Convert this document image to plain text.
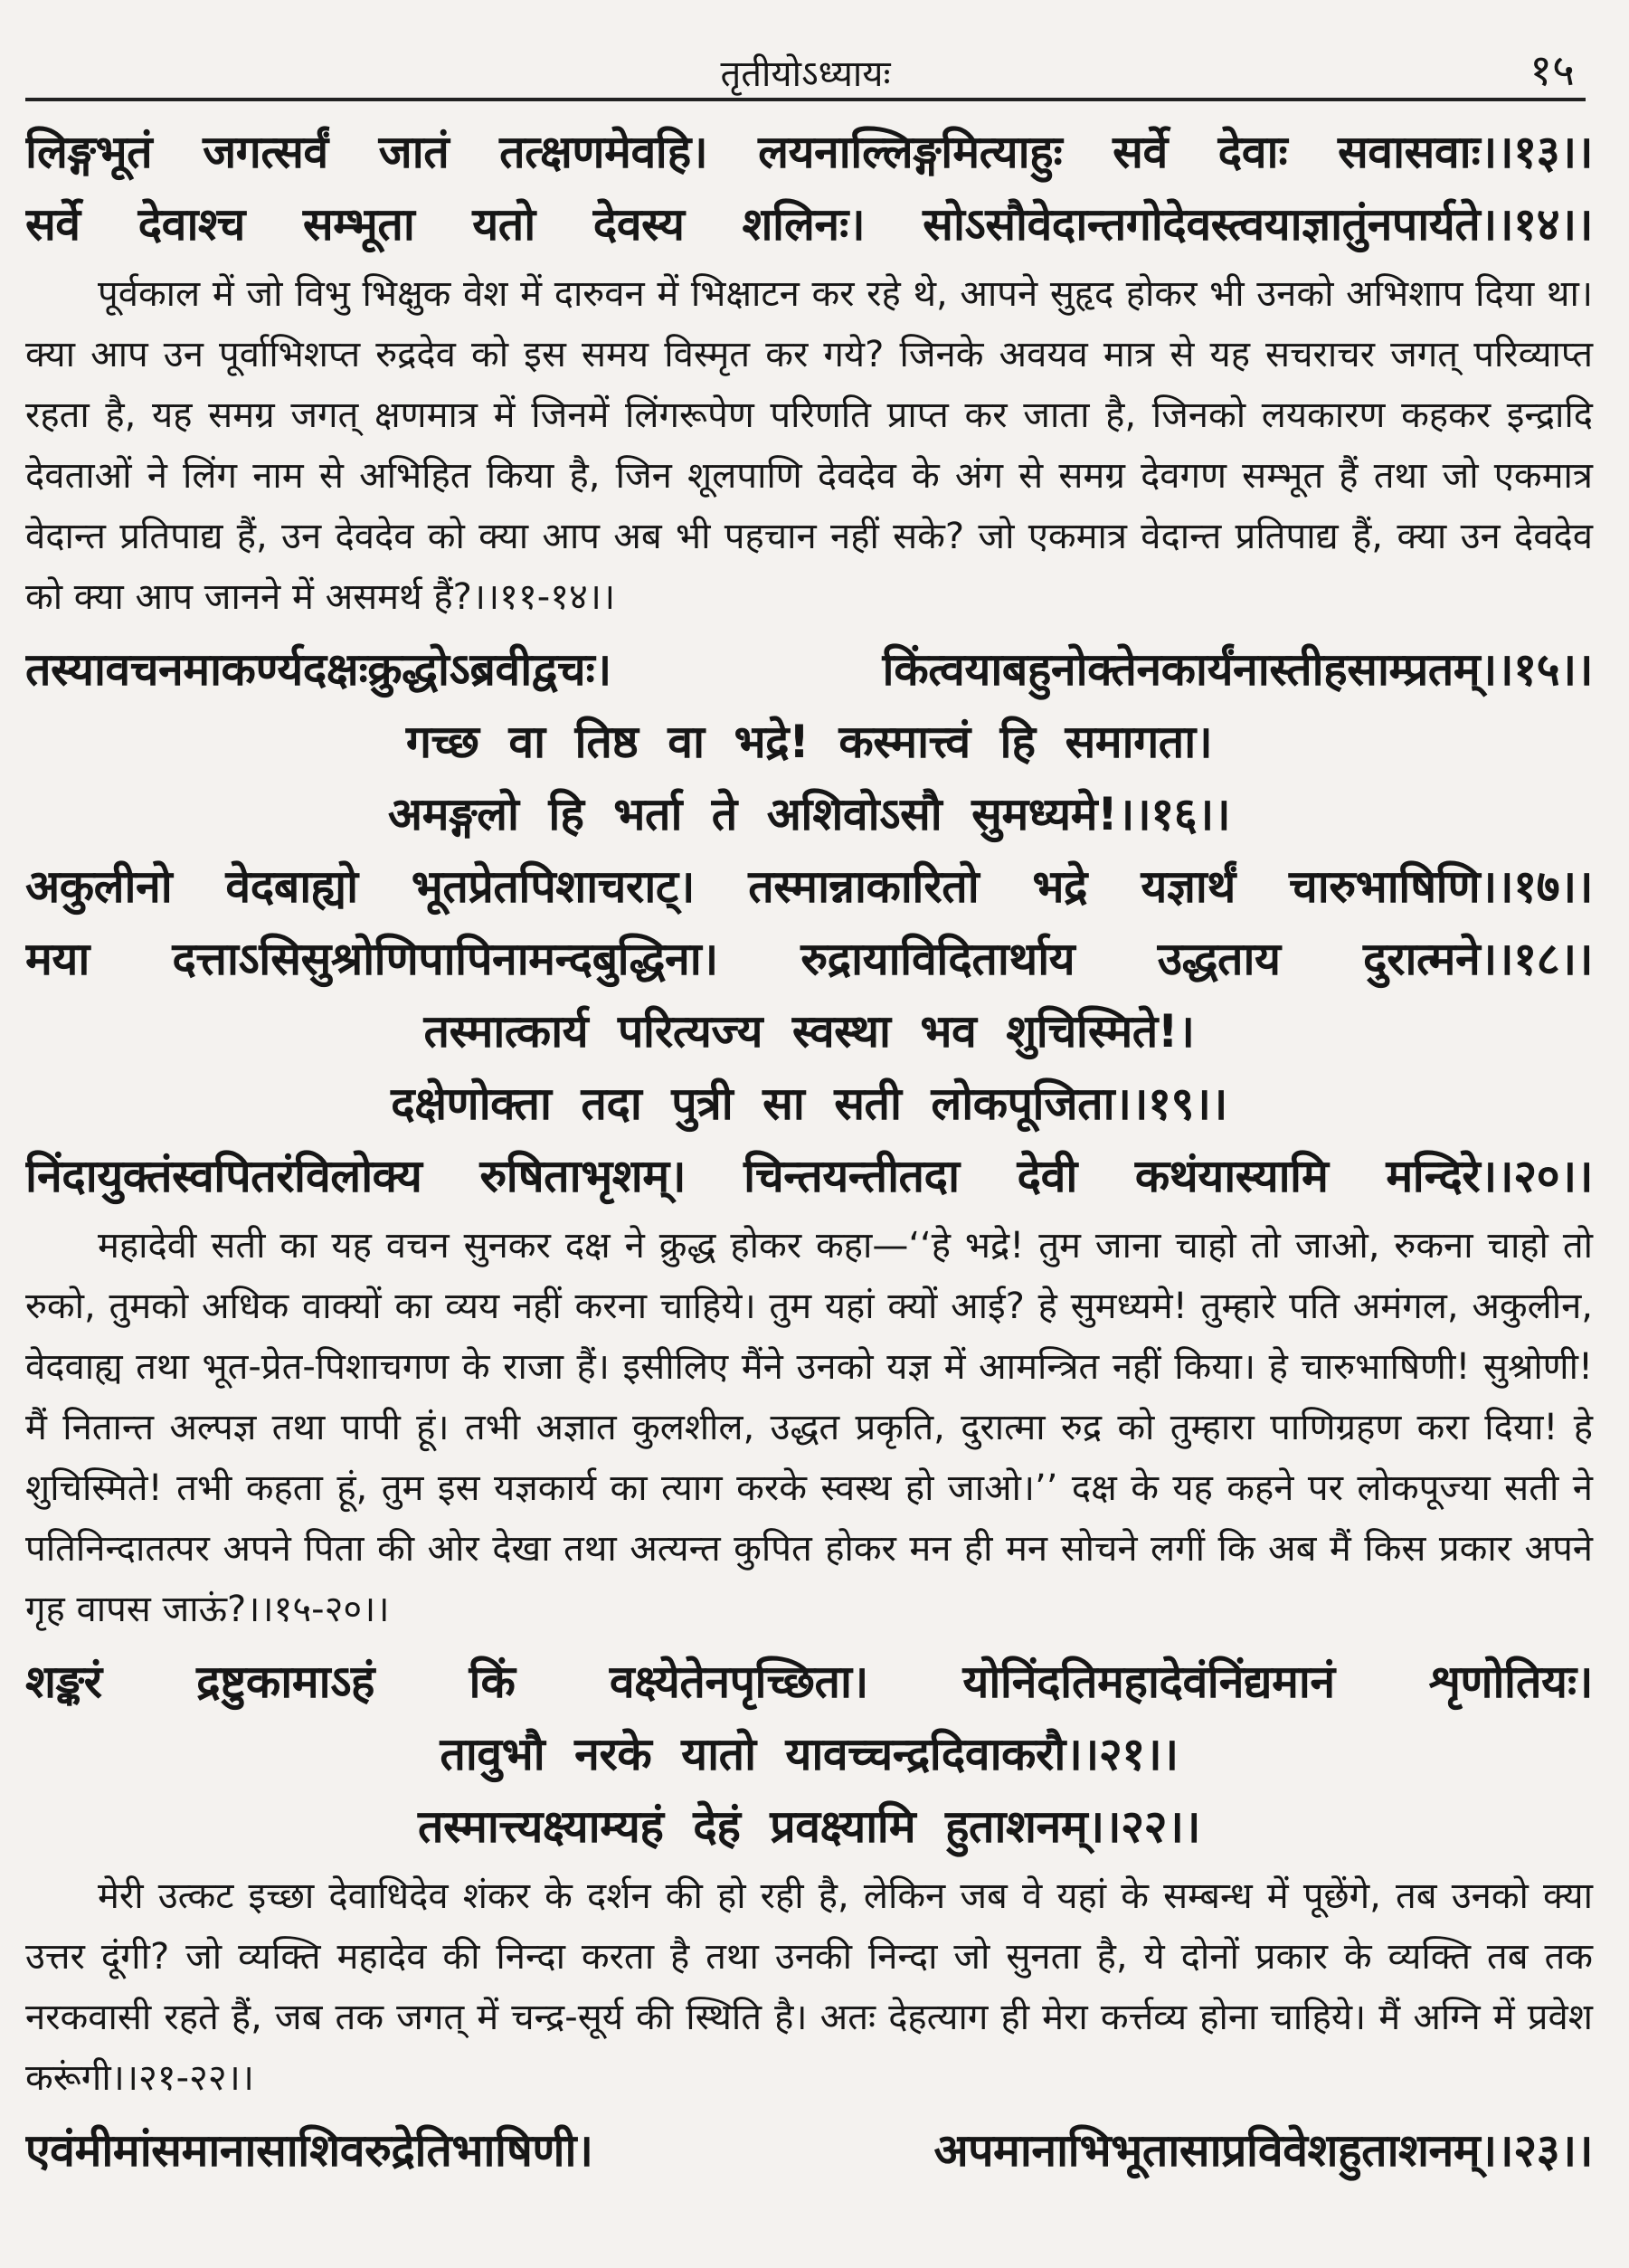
तृतीयोऽध्यायः	१५
लिङ्गभूतं जगत्सर्वं जातं तत्क्षणमेवहि। लयनाल्लिङ्गमित्याहुः सर्वे देवाः सवासवाः।।१३।।
सर्वे देवाश्च सम्भूता यतो देवस्य शलिनः। सोऽसौवेदान्तगोदेवस्त्वयाज्ञातुंनपार्यते।।१४।।
पूर्वकाल में जो विभु भिक्षुक वेश में दारुवन में भिक्षाटन कर रहे थे, आपने सुहृद होकर भी उनको अभिशाप दिया था। क्या आप उन पूर्वाभिशप्त रुद्रदेव को इस समय विस्मृत कर गये? जिनके अवयव मात्र से यह सचराचर जगत् परिव्याप्त रहता है, यह समग्र जगत् क्षणमात्र में जिनमें लिंगरूपेण परिणति प्राप्त कर जाता है, जिनको लयकारण कहकर इन्द्रादि देवताओं ने लिंग नाम से अभिहित किया है, जिन शूलपाणि देवदेव के अंग से समग्र देवगण सम्भूत हैं तथा जो एकमात्र वेदान्त प्रतिपाद्य हैं, उन देवदेव को क्या आप अब भी पहचान नहीं सके? जो एकमात्र वेदान्त प्रतिपाद्य हैं, क्या उन देवदेव को क्या आप जानने में असमर्थ हैं?।।११-१४।।
तस्यावचनमाकर्ण्यदक्षःक्रुद्धोऽब्रवीद्वचः। किंत्वयाबहुनोक्तेनकार्यंनास्तीहसाम्प्रतम्।।१५।।
गच्छ वा तिष्ठ वा भद्रे! कस्मात्त्वं हि समागता।
अमङ्गलो हि भर्ता ते अशिवोऽसौ सुमध्यमे!।।१६।।
अकुलीनो वेदबाह्यो भूतप्रेतपिशाचराट्। तस्मान्नाकारितो भद्रे यज्ञार्थं चारुभाषिणि।।१७।।
मया दत्ताऽसिसुश्रोणिपापिनामन्दबुद्धिना। रुद्रायाविदितार्थाय उद्धताय दुरात्मने।।१८।।
तस्मात्कार्य परित्यज्य स्वस्था भव शुचिस्मिते!।
दक्षेणोक्ता तदा पुत्री सा सती लोकपूजिता।।१९।।
निंदायुक्तंस्वपितरंविलोक्य रुषिताभृशम्। चिन्तयन्तीतदा देवी कथंयास्यामि मन्दिरे।।२०।।
महादेवी सती का यह वचन सुनकर दक्ष ने क्रुद्ध होकर कहा—‘‘हे भद्रे! तुम जाना चाहो तो जाओ, रुकना चाहो तो रुको, तुमको अधिक वाक्यों का व्यय नहीं करना चाहिये। तुम यहां क्यों आई? हे सुमध्यमे! तुम्हारे पति अमंगल, अकुलीन, वेदवाह्य तथा भूत-प्रेत-पिशाचगण के राजा हैं। इसीलिए मैंने उनको यज्ञ में आमन्त्रित नहीं किया। हे चारुभाषिणी! सुश्रोणी! मैं नितान्त अल्पज्ञ तथा पापी हूं। तभी अज्ञात कुलशील, उद्धत प्रकृति, दुरात्मा रुद्र को तुम्हारा पाणिग्रहण करा दिया! हे शुचिस्मिते! तभी कहता हूं, तुम इस यज्ञकार्य का त्याग करके स्वस्थ हो जाओ।’’ दक्ष के यह कहने पर लोकपूज्या सती ने पतिनिन्दातत्पर अपने पिता की ओर देखा तथा अत्यन्त कुपित होकर मन ही मन सोचने लगीं कि अब मैं किस प्रकार अपने गृह वापस जाऊं?।।१५-२०।।
शङ्करं द्रष्टुकामाऽहं किं वक्ष्येतेनपृच्छिता। योनिंदतिमहादेवंनिंद्यमानं शृणोतियः।
तावुभौ नरके यातो यावच्चन्द्रदिवाकरौ।।२१।।
तस्मात्त्यक्ष्याम्यहं देहं प्रवक्ष्यामि हुताशनम्।।२२।।
मेरी उत्कट इच्छा देवाधिदेव शंकर के दर्शन की हो रही है, लेकिन जब वे यहां के सम्बन्ध में पूछेंगे, तब उनको क्या उत्तर दूंगी? जो व्यक्ति महादेव की निन्दा करता है तथा उनकी निन्दा जो सुनता है, ये दोनों प्रकार के व्यक्ति तब तक नरकवासी रहते हैं, जब तक जगत् में चन्द्र-सूर्य की स्थिति है। अतः देहत्याग ही मेरा कर्त्तव्य होना चाहिये। मैं अग्नि में प्रवेश करूंगी।।२१-२२।।
एवंमीमांसमानासाशिवरुद्रेतिभाषिणी।	अपमानाभिभूतासाप्रविवेशहुताशनम्।।२३।।
